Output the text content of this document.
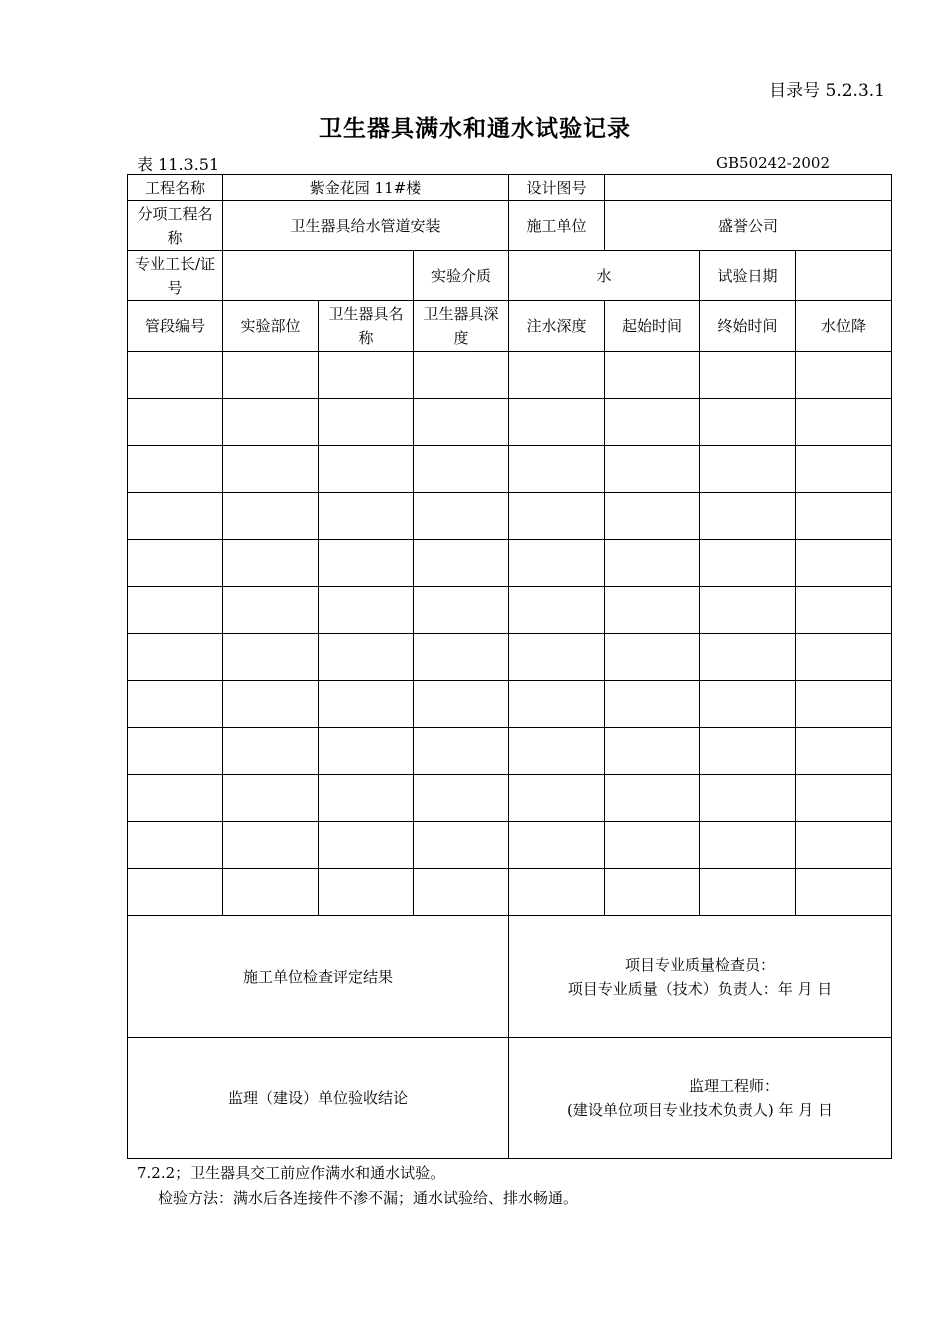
目录号 5.2.3.1
卫生器具满水和通水试验记录
表 11.3.51	GB50242-2002
工程名称	紫金花园 11#楼			设计图号			
分项工程名称	卫生器具给水管道安装			施工单位	盛誉公司		
专业工长/证号			实验介质	水		试验日期	
管段编号	实验部位	卫生器具名称	卫生器具深度	注水深度	起始时间	终始时间	水位降

施工单位检查评定结果				项目专业质量检查员：
项目专业质量（技术）负责人：年 月 日			

监理（建设）单位验收结论				监理工程师：
(建设单位项目专业技术负责人) 年 月 日			
7.2.2；卫生器具交工前应作满水和通水试验。
检验方法：满水后各连接件不渗不漏；通水试验给、排水畅通。
